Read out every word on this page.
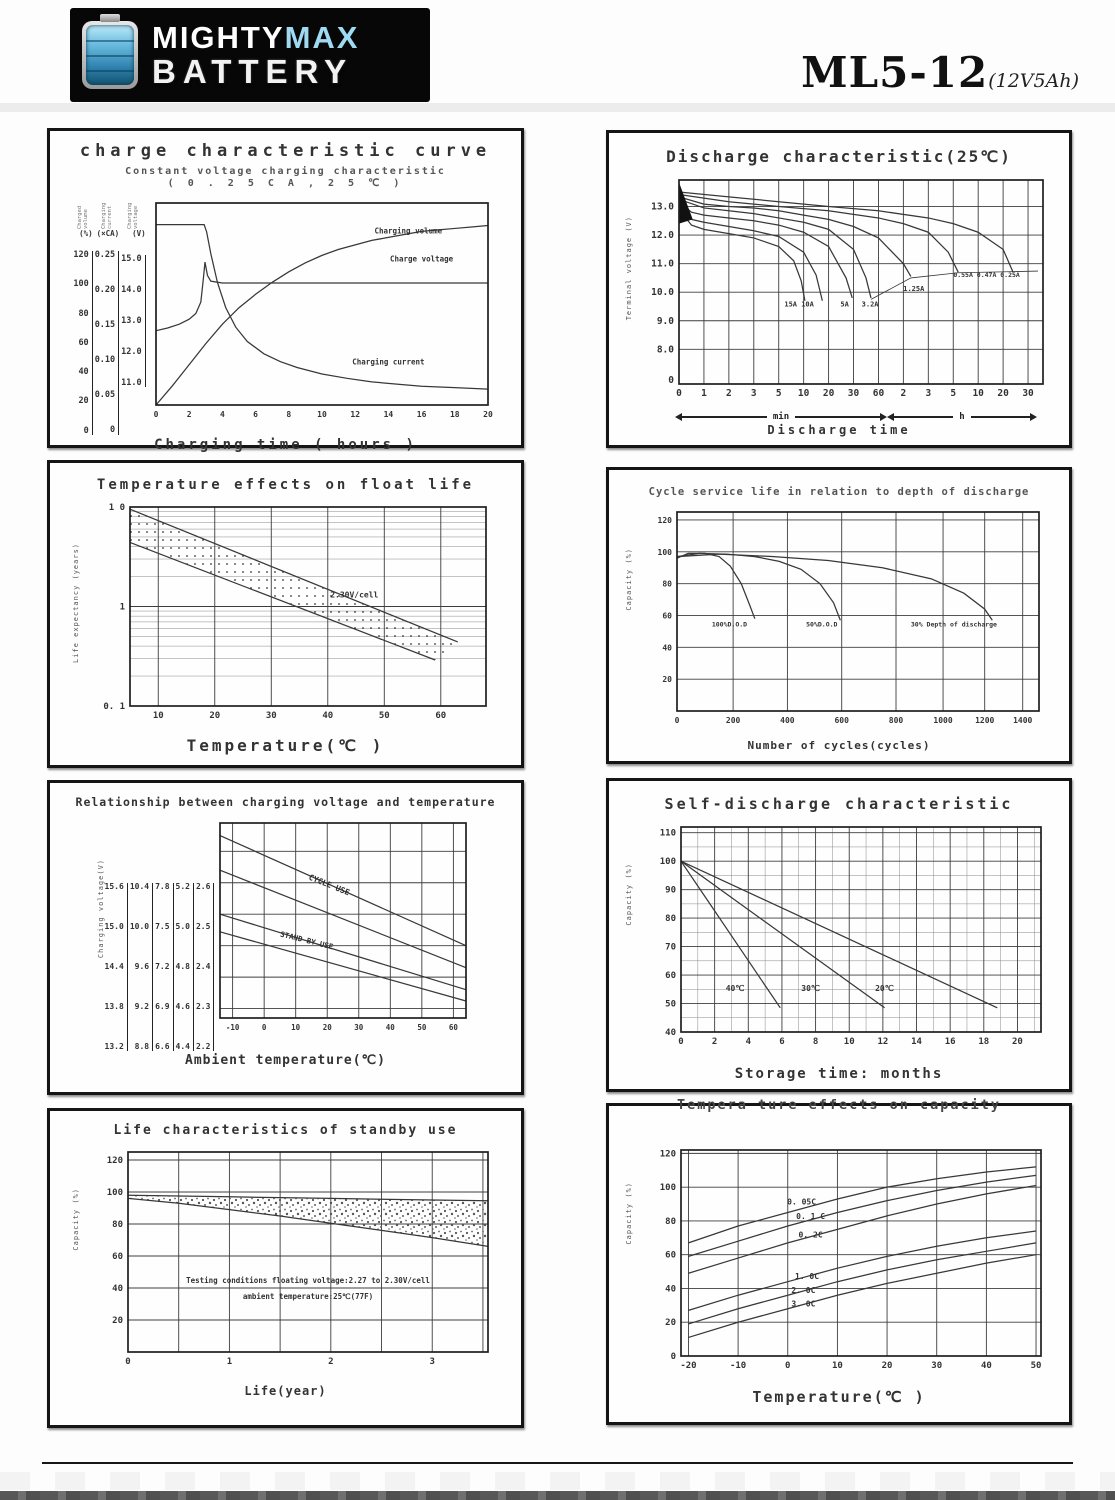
MIGHTYMAX
BATTERY	ML5-12(12V5Ah)
charge characteristic curve
Constant voltage charging characteristic
( 0 . 2 5 C A , 2 5 ℃ )
Charged volume
(%)
120
100
80
60
40
20
0
Charging current
(×CA)
0.25
0.20
0.15
0.10
0.05
0
Charging voltage
(V)
15.0
14.0
13.0
12.0
11.0
0	2	4	6	8	10	12	14	16	18	20
Charging volume
Charge voltage
Charging current
Charging time ( hours )
Discharge characteristic(25℃)
Terminal voltage (V)
0 1 2 3 5 10 20 30 60 2 3 5 10 20 30
13.0
12.0
11.0
10.0
9.0
8.0
0
15A 10A	5A 3.2A
1.25A
0.55A 0.47A 0.25A
min	h
Discharge time
Temperature effects on float life
Life expectancy (years)
10	20	30	40	50	60
1 0
1
0. 1
2.30V/cell
Temperature(℃ )
Cycle service life in relation to depth of discharge
Capacity (%)
0	200	400	600	800	1000	1200 1400
120
100
80
60
40
20
100%D.O.D	50%D.O.D	30% Depth of discharge
Number of cycles(cycles)
Relationship between charging voltage and temperature
Charging voltage(V) 15.6
15.0
14.4
13.8
13.2
10.4
10.0
9.6
9.2
8.8
7.8
7.5
7.2
6.9
6.6
5.2
5.0
4.8
4.6
4.4
2.6
2.5
2.4
2.3
2.2
-10	0	10	20	30	40	50	60
CYCLE USE
STAND BY USE
Ambient temperature(℃)
Self-discharge characteristic
Capacity (%)
0	2	4	6	8	10	12	14	16	18	20
110
100
90
80
70
60
50
40
40℃	30℃	20℃
Storage time: months
Life characteristics of standby use
Capacity (%)
0	1	2	3
120
100
80
60
40
20
Testing conditions floating voltage:2.27 to 2.30V/cell
ambient temperature:25℃(77F)
Life(year)
Tempera ture effects on capacity
Capacity (%)
-20	-10	0	10	20	30	40	50
120
100
80
60
40
20
0
0. 05C
0. 1 C
0. 2C
1. 0C
2. 0C
3. 0C
Temperature(℃ )
